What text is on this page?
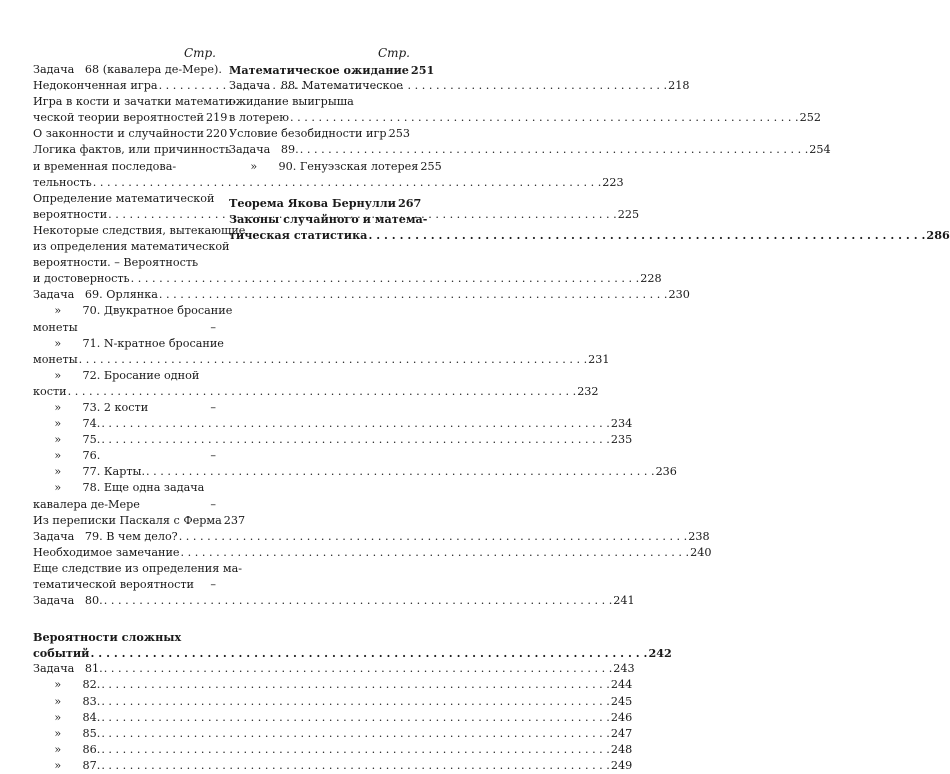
Стр.
Задача   68 (кавалера де-Мере).
Недоконченная игра . . .	218
Игра в кости и зачатки математи-
ческой теории вероятностей 219
О законности и случайности 220
Логика фактов, или причинность
и временная последова-
тельность . . .	223
Определение математической
вероятности . . .	225
Некоторые следствия, вытекающие
из определения математической
вероятности. – Вероятность
и достоверность . . .	228
Задача   69. Орлянка . . .	230
»      70. Двукратное бросание
монеты	–
»      71. N-кратное бросание
монеты . . .	231
»      72. Бросание одной
кости . . .	232
»      73. 2 кости	–
»      74. . . .	234
»      75. . . .	235
»      76.	–
»      77. Карты. . . .	236
»      78. Еще одна задача
кавалера де-Мере	–
Из переписки Паскаля с Ферма 237
Задача   79. В чем дело? . . .	238
Необходимое замечание . . .	240
Еще следствие из определения ма-
тематической вероятности –
Задача   80. . . .	241
Вероятности сложных
событий . . .	242
Задача   81. . . .	243
»      82. . . .	244
»      83. . . .	245
»      84. . . .	246
»      85. . . .	247
»      86. . . .	248
»      87. . . .	249
Стр.
Математическое ожидание 251
Задача   88. Математическое
ожидание выигрыша
в лотерею . . .	252
Условие безобидности игр . . . 253
Задача   89. . . .	254
»      90. Генуэзская лотерея 255
Теорема Якова Бернулли 267
Законы случайного и матема-
тическая статистика . . .	286
